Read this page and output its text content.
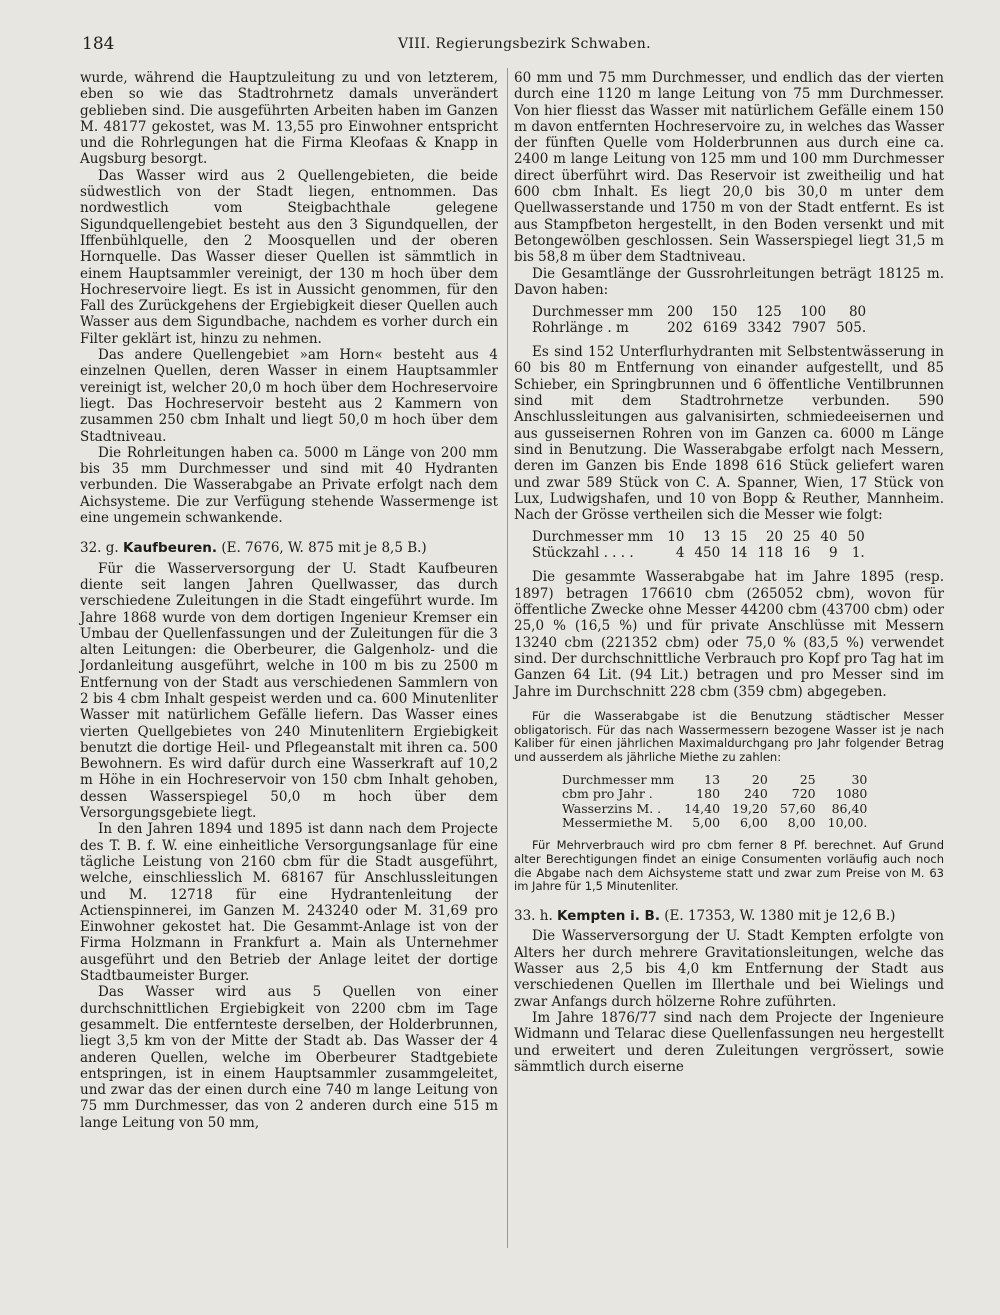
184	VIII. Regierungsbezirk Schwaben.

wurde, während die Hauptzuleitung zu und von letzterem, eben so wie das Stadtrohrnetz damals unverändert geblieben sind. Die ausgeführten Arbeiten haben im Ganzen M. 48177 gekostet, was M. 13,55 pro Einwohner entspricht und die Rohrlegungen hat die Firma Kleofaas & Knapp in Augsburg besorgt.

Das Wasser wird aus 2 Quellengebieten, die beide südwestlich von der Stadt liegen, entnommen. Das nordwestlich vom Steigbachthale gelegene Sigundquellengebiet besteht aus den 3 Sigundquellen, der Iffenbühlquelle, den 2 Moosquellen und der oberen Hornquelle. Das Wasser dieser Quellen ist sämmtlich in einem Hauptsammler vereinigt, der 130 m hoch über dem Hochreservoire liegt. Es ist in Aussicht genommen, für den Fall des Zurückgehens der Ergiebigkeit dieser Quellen auch Wasser aus dem Sigundbache, nachdem es vorher durch ein Filter geklärt ist, hinzu zu nehmen.

Das andere Quellengebiet »am Horn« besteht aus 4 einzelnen Quellen, deren Wasser in einem Hauptsammler vereinigt ist, welcher 20,0 m hoch über dem Hochreservoire liegt. Das Hochreservoir besteht aus 2 Kammern von zusammen 250 cbm Inhalt und liegt 50,0 m hoch über dem Stadtniveau.

Die Rohrleitungen haben ca. 5000 m Länge von 200 mm bis 35 mm Durchmesser und sind mit 40 Hydranten verbunden. Die Wasserabgabe an Private erfolgt nach dem Aichsysteme. Die zur Verfügung stehende Wassermenge ist eine ungemein schwankende.

32. g. Kaufbeuren. (E. 7676, W. 875 mit je 8,5 B.)

Für die Wasserversorgung der U. Stadt Kaufbeuren diente seit langen Jahren Quellwasser, das durch verschiedene Zuleitungen in die Stadt eingeführt wurde. Im Jahre 1868 wurde von dem dortigen Ingenieur Kremser ein Umbau der Quellenfassungen und der Zuleitungen für die 3 alten Leitungen: die Oberbeurer, die Galgenholz- und die Jordanleitung ausgeführt, welche in 100 m bis zu 2500 m Entfernung von der Stadt aus verschiedenen Sammlern von 2 bis 4 cbm Inhalt gespeist werden und ca. 600 Minutenliter Wasser mit natürlichem Gefälle liefern. Das Wasser eines vierten Quellgebietes von 240 Minutenlitern Ergiebigkeit benutzt die dortige Heil- und Pflegeanstalt mit ihren ca. 500 Bewohnern. Es wird dafür durch eine Wasserkraft auf 10,2 m Höhe in ein Hochreservoir von 150 cbm Inhalt gehoben, dessen Wasserspiegel 50,0 m hoch über dem Versorgungsgebiete liegt.

In den Jahren 1894 und 1895 ist dann nach dem Projecte des T. B. f. W. eine einheitliche Versorgungsanlage für eine tägliche Leistung von 2160 cbm für die Stadt ausgeführt, welche, einschliesslich M. 68167 für Anschlussleitungen und M. 12718 für eine Hydrantenleitung der Actienspinnerei, im Ganzen M. 243240 oder M. 31,69 pro Einwohner gekostet hat. Die Gesammt-Anlage ist von der Firma Holzmann in Frankfurt a. Main als Unternehmer ausgeführt und den Betrieb der Anlage leitet der dortige Stadtbaumeister Burger.

Das Wasser wird aus 5 Quellen von einer durchschnittlichen Ergiebigkeit von 2200 cbm im Tage gesammelt. Die entfernteste derselben, der Holderbrunnen, liegt 3,5 km von der Mitte der Stadt ab. Das Wasser der 4 anderen Quellen, welche im Oberbeurer Stadtgebiete entspringen, ist in einem Hauptsammler zusammgeleitet, und zwar das der einen durch eine 740 m lange Leitung von 75 mm Durchmesser, das von 2 anderen durch eine 515 m lange Leitung von 50 mm,

60 mm und 75 mm Durchmesser, und endlich das der vierten durch eine 1120 m lange Leitung von 75 mm Durchmesser. Von hier fliesst das Wasser mit natürlichem Gefälle einem 150 m davon entfernten Hochreservoire zu, in welches das Wasser der fünften Quelle vom Holderbrunnen aus durch eine ca. 2400 m lange Leitung von 125 mm und 100 mm Durchmesser direct überführt wird. Das Reservoir ist zweitheilig und hat 600 cbm Inhalt. Es liegt 20,0 bis 30,0 m unter dem Quellwasserstande und 1750 m von der Stadt entfernt. Es ist aus Stampfbeton hergestellt, in den Boden versenkt und mit Betongewölben geschlossen. Sein Wasserspiegel liegt 31,5 m bis 58,8 m über dem Stadtniveau.

Die Gesamtlänge der Gussrohrleitungen beträgt 18125 m. Davon haben:

Durchmesser mm	200	150	125	100	80
Rohrlänge . m	202	6169	3342	7907	505.

Es sind 152 Unterflurhydranten mit Selbstentwässerung in 60 bis 80 m Entfernung von einander aufgestellt, und 85 Schieber, ein Springbrunnen und 6 öffentliche Ventilbrunnen sind mit dem Stadtrohrnetze verbunden. 590 Anschlussleitungen aus galvanisirten, schmiedeeisernen und aus gusseisernen Rohren von im Ganzen ca. 6000 m Länge sind in Benutzung. Die Wasserabgabe erfolgt nach Messern, deren im Ganzen bis Ende 1898 616 Stück geliefert waren und zwar 589 Stück von C. A. Spanner, Wien, 17 Stück von Lux, Ludwigshafen, und 10 von Bopp & Reuther, Mannheim. Nach der Grösse vertheilen sich die Messer wie folgt:

Durchmesser mm	10	13	15	20	25	40	50
Stückzahl . . . .	4	450	14	118	16	9	1.

Die gesammte Wasserabgabe hat im Jahre 1895 (resp. 1897) betragen 176610 cbm (265052 cbm), wovon für öffentliche Zwecke ohne Messer 44200 cbm (43700 cbm) oder 25,0 % (16,5 %) und für private Anschlüsse mit Messern 13240 cbm (221352 cbm) oder 75,0 % (83,5 %) verwendet sind. Der durchschnittliche Verbrauch pro Kopf pro Tag hat im Ganzen 64 Lit. (94 Lit.) betragen und pro Messer sind im Jahre im Durchschnitt 228 cbm (359 cbm) abgegeben.

Für die Wasserabgabe ist die Benutzung städtischer Messer obligatorisch. Für das nach Wassermessern bezogene Wasser ist je nach Kaliber für einen jährlichen Maximaldurchgang pro Jahr folgender Betrag und ausserdem als jährliche Miethe zu zahlen:

Durchmesser mm	13	20	25	30
cbm pro Jahr .	180	240	720	1080
Wasserzins M. .	14,40	19,20	57,60	86,40
Messermiethe M.	5,00	6,00	8,00	10,00.

Für Mehrverbrauch wird pro cbm ferner 8 Pf. berechnet. Auf Grund alter Berechtigungen findet an einige Consumenten vorläufig auch noch die Abgabe nach dem Aichsysteme statt und zwar zum Preise von M. 63 im Jahre für 1,5 Minutenliter.

33. h. Kempten i. B. (E. 17353, W. 1380 mit je 12,6 B.)

Die Wasserversorgung der U. Stadt Kempten erfolgte von Alters her durch mehrere Gravitationsleitungen, welche das Wasser aus 2,5 bis 4,0 km Entfernung der Stadt aus verschiedenen Quellen im Illerthale und bei Wielings und zwar Anfangs durch hölzerne Rohre zuführten.

Im Jahre 1876/77 sind nach dem Projecte der Ingenieure Widmann und Telarac diese Quellenfassungen neu hergestellt und erweitert und deren Zuleitungen vergrössert, sowie sämmtlich durch eiserne
